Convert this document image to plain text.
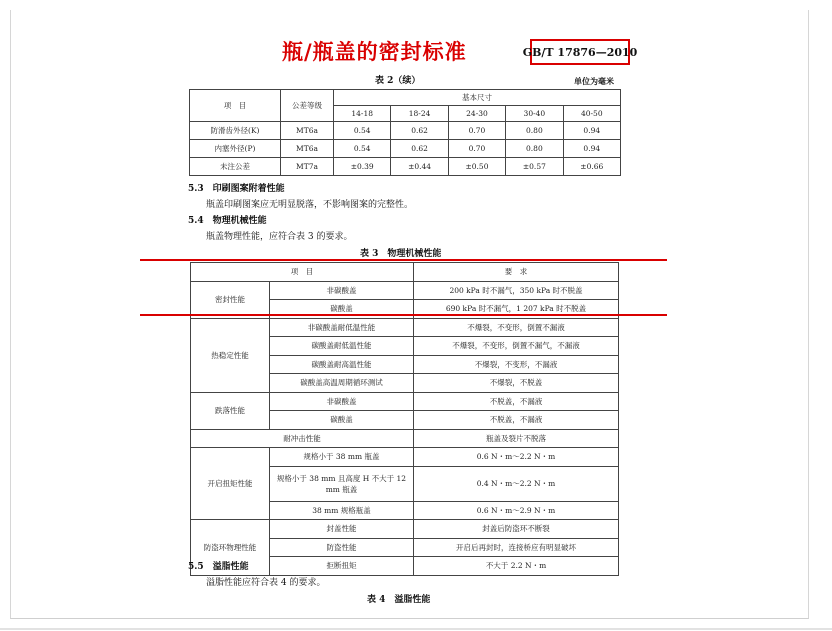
瓶/瓶盖的密封标准	GB/T 17876—2010
表 2（续）	单位为毫米
项　目	公差等级	基本尺寸				
		14-18	18-24	24-30	30-40	40-50
防滑齿外径(K)	MT6a	0.54	0.62	0.70	0.80	0.94
内塞外径(P)	MT6a	0.54	0.62	0.70	0.80	0.94
未注公差	MT7a	±0.39	±0.44	±0.50	±0.57	±0.66
5.3　印刷图案附着性能
瓶盖印刷图案应无明显脱落，不影响图案的完整性。
5.4　物理机械性能
瓶盖物理性能，应符合表 3 的要求。
表 3　物理机械性能
项　目		要　求
密封性能	非碳酸盖	200 kPa 时不漏气，350 kPa 时不脱盖
	碳酸盖	690 kPa 时不漏气，1 207 kPa 时不脱盖
热稳定性能	非碳酸盖耐低温性能	不爆裂，不变形，倒置不漏液
	碳酸盖耐低温性能	不爆裂，不变形，倒置不漏气，不漏液
	碳酸盖耐高温性能	不爆裂，不变形，不漏液
	碳酸盖高温周期循环测试	不爆裂，不脱盖
跌落性能	非碳酸盖	不脱盖，不漏液
	碳酸盖	不脱盖，不漏液
耐冲击性能		瓶盖及裂片不脱落
开启扭矩性能	规格小于 38 mm 瓶盖	0.6 N・m～2.2 N・m
	规格小于 38 mm 且高度 H 不大于 12 mm 瓶盖	0.4 N・m～2.2 N・m
	38 mm 规格瓶盖	0.6 N・m～2.9 N・m
防盗环物理性能	封盖性能	封盖后防盗环不断裂
	防盗性能	开启后再封时，连接桥应有明显破坏
	拒断扭矩	不大于 2.2 N・m
5.5　溢脂性能
溢脂性能应符合表 4 的要求。
表 4　溢脂性能
